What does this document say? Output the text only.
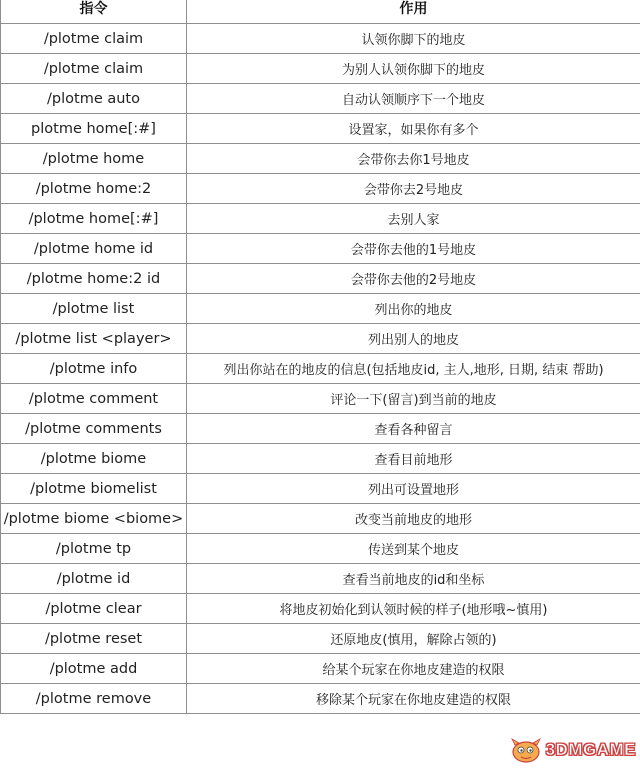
指令	作用
/plotme claim	认领你脚下的地皮
/plotme claim	为别人认领你脚下的地皮
/plotme auto	自动认领顺序下一个地皮
plotme home[:#]	设置家，如果你有多个
/plotme home	会带你去你1号地皮
/plotme home:2	会带你去2号地皮
/plotme home[:#]	去别人家
/plotme home id	会带你去他的1号地皮
/plotme home:2 id	会带你去他的2号地皮
/plotme list	列出你的地皮
/plotme list <player>	列出别人的地皮
/plotme info	列出你站在的地皮的信息(包括地皮id, 主人,地形, 日期, 结束 帮助)
/plotme comment	评论一下(留言)到当前的地皮
/plotme comments	查看各种留言
/plotme biome	查看目前地形
/plotme biomelist	列出可设置地形
/plotme biome <biome>	改变当前地皮的地形
/plotme tp	传送到某个地皮
/plotme id	查看当前地皮的id和坐标
/plotme clear	将地皮初始化到认领时候的样子(地形哦~慎用)
/plotme reset	还原地皮(慎用，解除占领的)
/plotme add	给某个玩家在你地皮建造的权限
/plotme remove	移除某个玩家在你地皮建造的权限
3DMGAME
